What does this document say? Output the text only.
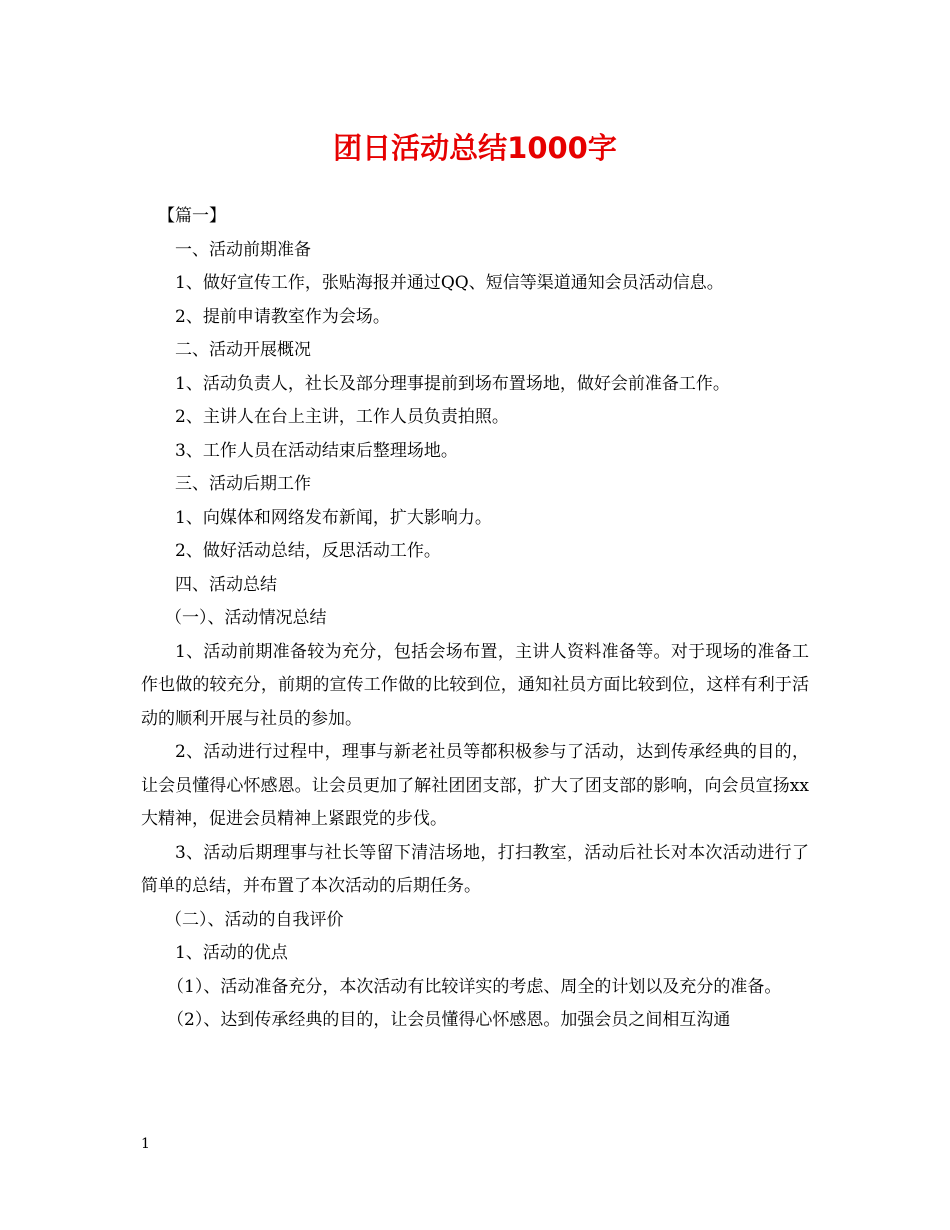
团日活动总结1000字

【篇一】

一、活动前期准备

1、做好宣传工作，张贴海报并通过QQ、短信等渠道通知会员活动信息。

2、提前申请教室作为会场。

二、活动开展概况

1、活动负责人，社长及部分理事提前到场布置场地，做好会前准备工作。

2、主讲人在台上主讲，工作人员负责拍照。

3、工作人员在活动结束后整理场地。

三、活动后期工作

1、向媒体和网络发布新闻，扩大影响力。

2、做好活动总结，反思活动工作。

四、活动总结

（一）、活动情况总结

1、活动前期准备较为充分，包括会场布置，主讲人资料准备等。对于现场的准备工作也做的较充分，前期的宣传工作做的比较到位，通知社员方面比较到位，这样有利于活动的顺利开展与社员的参加。

2、活动进行过程中，理事与新老社员等都积极参与了活动，达到传承经典的目的，让会员懂得心怀感恩。让会员更加了解社团团支部，扩大了团支部的影响，向会员宣扬xx大精神，促进会员精神上紧跟党的步伐。

3、活动后期理事与社长等留下清洁场地，打扫教室，活动后社长对本次活动进行了简单的总结，并布置了本次活动的后期任务。

（二）、活动的自我评价

1、活动的优点

（1）、活动准备充分，本次活动有比较详实的考虑、周全的计划以及充分的准备。

（2）、达到传承经典的目的，让会员懂得心怀感恩。加强会员之间相互沟通

1
